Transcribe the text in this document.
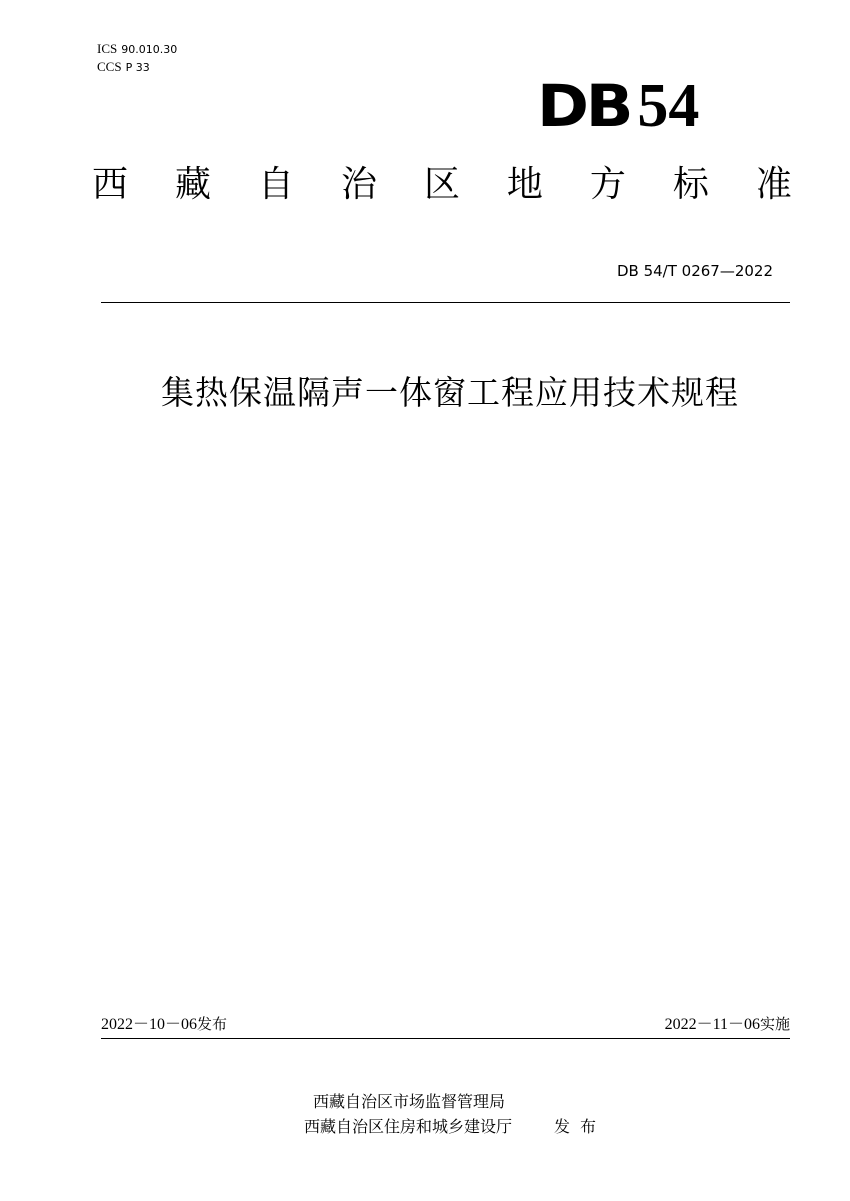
ICS 90.010.30
CCS P 33
DB 54
西 藏 自 治 区 地 方 标 准
DB 54/T 0267—2022
集热保温隔声一体窗工程应用技术规程
2022－10－06发布	2022－11－06实施
西藏自治区市场监督管理局
西藏自治区住房和城乡建设厅	发布
